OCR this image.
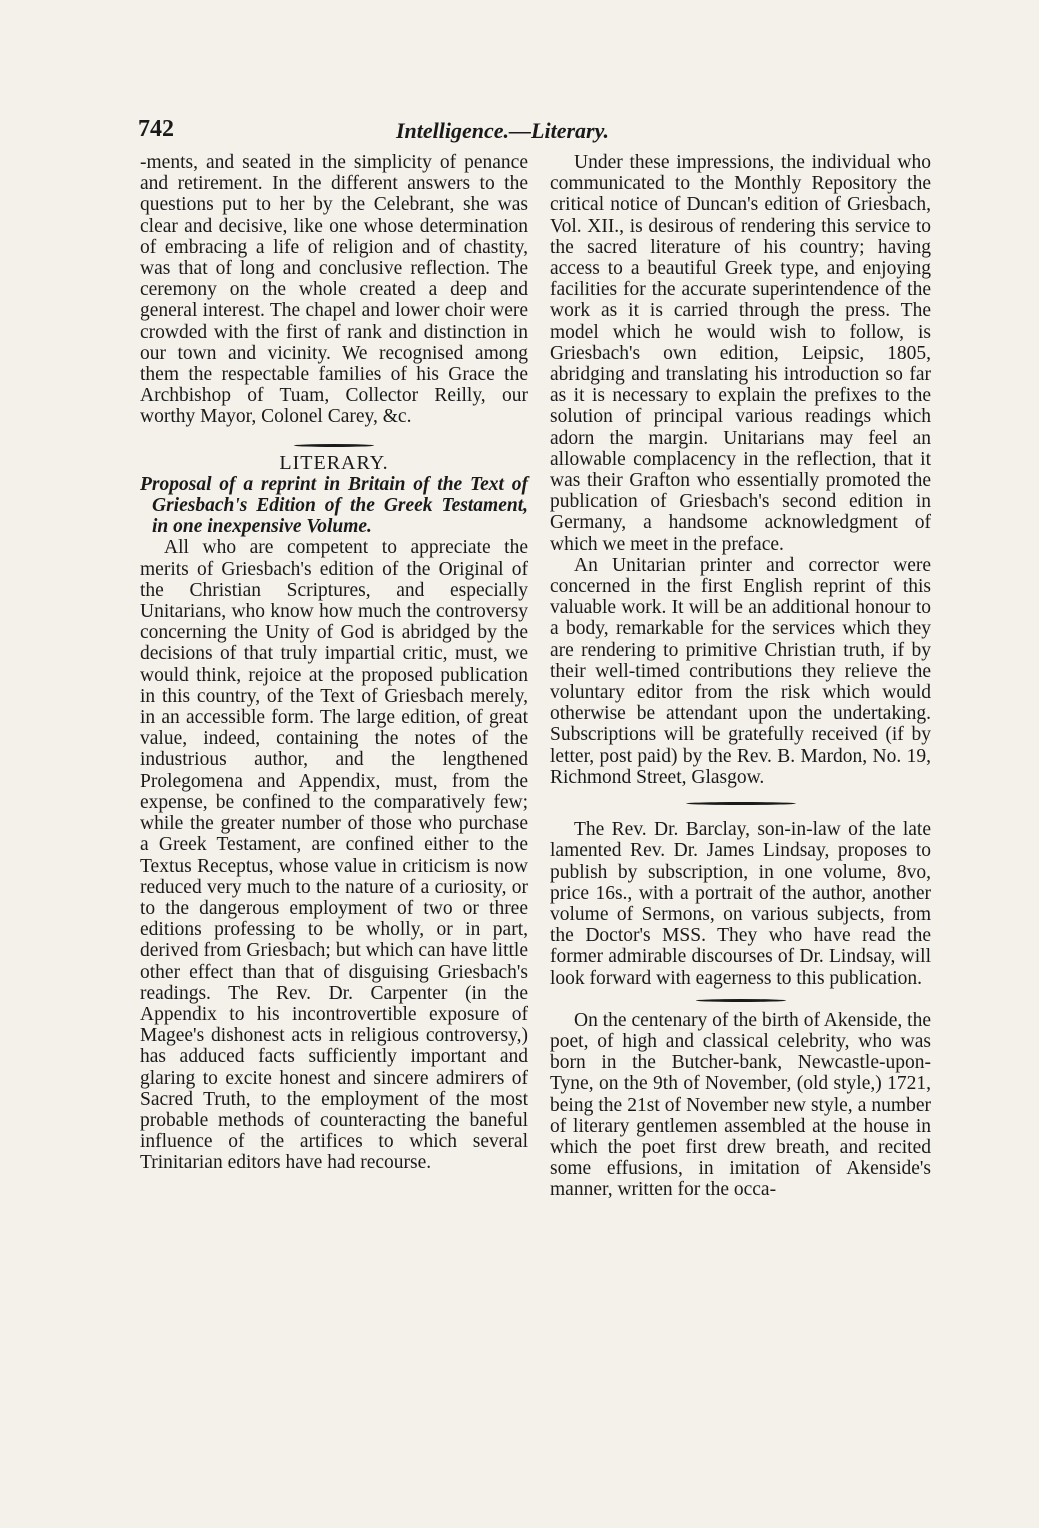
742	Intelligence.—Literary.

-ments, and seated in the simplicity of penance and retirement. In the different answers to the questions put to her by the Celebrant, she was clear and decisive, like one whose determination of embracing a life of religion and of chastity, was that of long and conclusive reflection. The ceremony on the whole created a deep and general interest. The chapel and lower choir were crowded with the first of rank and distinction in our town and vicinity. We recognised among them the respectable families of his Grace the Archbishop of Tuam, Collector Reilly, our worthy Mayor, Colonel Carey, &c.

LITERARY.

Proposal of a reprint in Britain of the Text of Griesbach's Edition of the Greek Testament, in one inexpensive Volume.

All who are competent to appreciate the merits of Griesbach's edition of the Original of the Christian Scriptures, and especially Unitarians, who know how much the controversy concerning the Unity of God is abridged by the decisions of that truly impartial critic, must, we would think, rejoice at the proposed publication in this country, of the Text of Griesbach merely, in an accessible form. The large edition, of great value, indeed, containing the notes of the industrious author, and the lengthened Prolegomena and Appendix, must, from the expense, be confined to the comparatively few; while the greater number of those who purchase a Greek Testament, are confined either to the Textus Receptus, whose value in criticism is now reduced very much to the nature of a curiosity, or to the dangerous employment of two or three editions professing to be wholly, or in part, derived from Griesbach; but which can have little other effect than that of disguising Griesbach's readings. The Rev. Dr. Carpenter (in the Appendix to his incontrovertible exposure of Magee's dishonest acts in religious controversy,) has adduced facts sufficiently important and glaring to excite honest and sincere admirers of Sacred Truth, to the employment of the most probable methods of counteracting the baneful influence of the artifices to which several Trinitarian editors have had recourse.

Under these impressions, the individual who communicated to the Monthly Repository the critical notice of Duncan's edition of Griesbach, Vol. XII., is desirous of rendering this service to the sacred literature of his country; having access to a beautiful Greek type, and enjoying facilities for the accurate superintendence of the work as it is carried through the press. The model which he would wish to follow, is Griesbach's own edition, Leipsic, 1805, abridging and translating his introduction so far as it is necessary to explain the prefixes to the solution of principal various readings which adorn the margin. Unitarians may feel an allowable complacency in the reflection, that it was their Grafton who essentially promoted the publication of Griesbach's second edition in Germany, a handsome acknowledgment of which we meet in the preface.

An Unitarian printer and corrector were concerned in the first English reprint of this valuable work. It will be an additional honour to a body, remarkable for the services which they are rendering to primitive Christian truth, if by their well-timed contributions they relieve the voluntary editor from the risk which would otherwise be attendant upon the undertaking. Subscriptions will be gratefully received (if by letter, post paid) by the Rev. B. Mardon, No. 19, Richmond Street, Glasgow.

The Rev. Dr. Barclay, son-in-law of the late lamented Rev. Dr. James Lindsay, proposes to publish by subscription, in one volume, 8vo, price 16s., with a portrait of the author, another volume of Sermons, on various subjects, from the Doctor's MSS. They who have read the former admirable discourses of Dr. Lindsay, will look forward with eagerness to this publication.

On the centenary of the birth of Akenside, the poet, of high and classical celebrity, who was born in the Butcher-bank, Newcastle-upon-Tyne, on the 9th of November, (old style,) 1721, being the 21st of November new style, a number of literary gentlemen assembled at the house in which the poet first drew breath, and recited some effusions, in imitation of Akenside's manner, written for the occa-
